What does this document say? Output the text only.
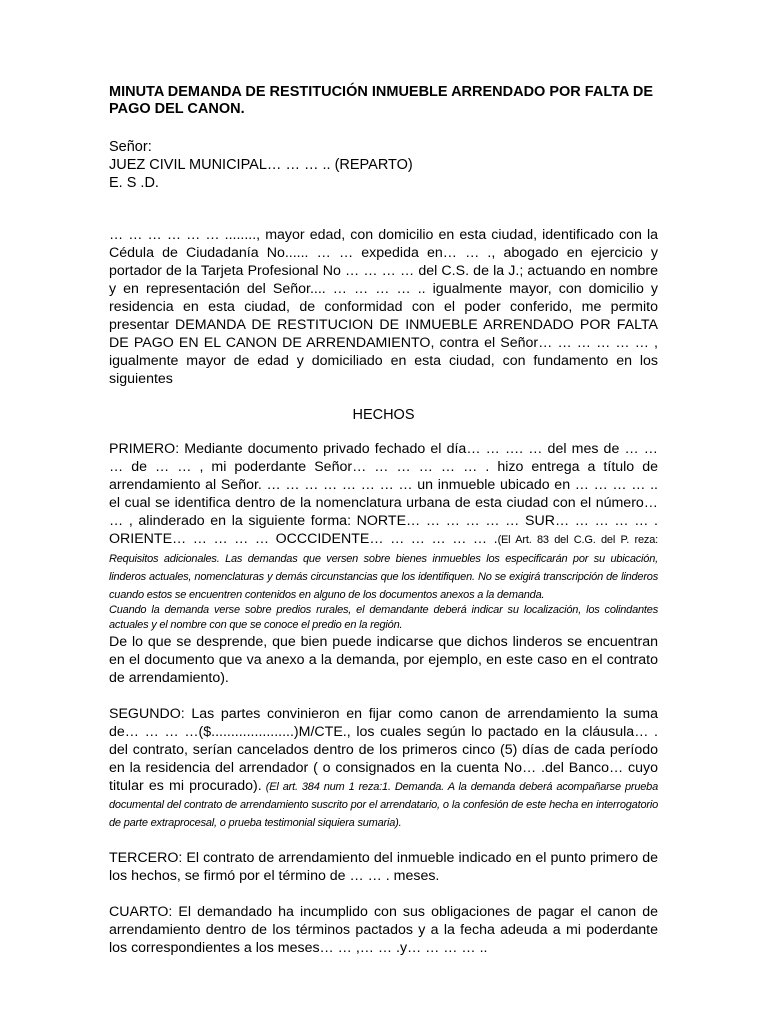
MINUTA DEMANDA DE RESTITUCIÓN INMUEBLE ARRENDADO POR FALTA DE PAGO DEL CANON.
Señor:
JUEZ CIVIL MUNICIPAL… … … .. (REPARTO)
E. S .D.

… … … … … … ........, mayor edad, con domicilio en esta ciudad, identificado con la Cédula de Ciudadanía No...... … … expedida en… … ., abogado en ejercicio y portador de la Tarjeta Profesional No … … … … del C.S. de la J.; actuando en nombre y en representación del Señor.... … … … … .. igualmente mayor, con domicilio y residencia en esta ciudad, de conformidad con el poder conferido, me permito presentar DEMANDA DE RESTITUCION DE INMUEBLE ARRENDADO POR FALTA DE PAGO EN EL CANON DE ARRENDAMIENTO, contra el Señor… … … … … … , igualmente mayor de edad y domiciliado en esta ciudad, con fundamento en los siguientes

HECHOS

PRIMERO: Mediante documento privado fechado el día… … …. … del mes de … … … de … … , mi poderdante Señor… … … … … … . hizo entrega a título de arrendamiento al Señor. … … … … … … … … un inmueble ubicado en … … … … .. el cual se identifica dentro de la nomenclatura urbana de esta ciudad con el número… … , alinderado en la siguiente forma: NORTE… … … … … … SUR… … … … … . ORIENTE… … … … … OCCCIDENTE… … … … … … .(El Art. 83 del C.G. del P. reza: Requisitos adicionales. Las demandas que versen sobre bienes inmuebles los especificarán por su ubicación, linderos actuales, nomenclaturas y demás circunstancias que los identifiquen. No se exigirá transcripción de linderos cuando estos se encuentren contenidos en alguno de los documentos anexos a la demanda.
Cuando la demanda verse sobre predios rurales, el demandante deberá indicar su localización, los colindantes actuales y el nombre con que se conoce el predio en la región.
De lo que se desprende, que bien puede indicarse que dichos linderos se encuentran en el documento que va anexo a la demanda, por ejemplo, en este caso en el contrato de arrendamiento).

SEGUNDO: Las partes convinieron en fijar como canon de arrendamiento la suma de… … … …($.....................)M/CTE., los cuales según lo pactado en la cláusula… . del contrato, serían cancelados dentro de los primeros cinco (5) días de cada período en la residencia del arrendador ( o consignados en la cuenta No… .del Banco… cuyo titular es mi procurado). (El art. 384 num 1 reza:1. Demanda. A la demanda deberá acompañarse prueba documental del contrato de arrendamiento suscrito por el arrendatario, o la confesión de este hecha en interrogatorio de parte extraprocesal, o prueba testimonial siquiera sumaria).

TERCERO: El contrato de arrendamiento del inmueble indicado en el punto primero de los hechos, se firmó por el término de … … . meses.

CUARTO: El demandado ha incumplido con sus obligaciones de pagar el canon de arrendamiento dentro de los términos pactados y a la fecha adeuda a mi poderdante los correspondientes a los meses… … ,… … .y… … … … ..
